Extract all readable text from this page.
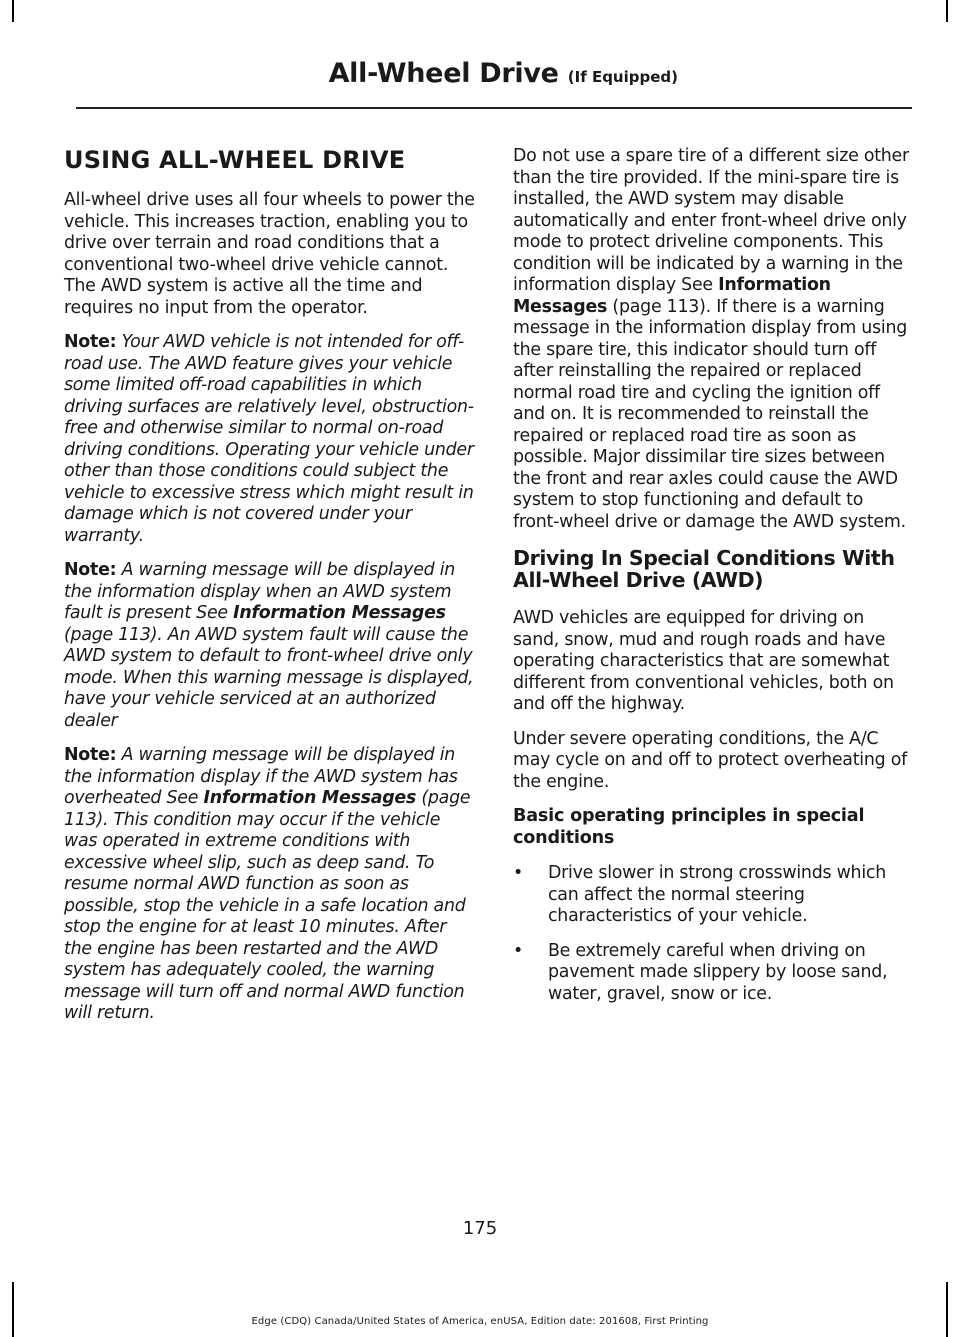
All-Wheel Drive (If Equipped)
USING ALL-WHEEL DRIVE

All-wheel drive uses all four wheels to power the vehicle. This increases traction, enabling you to drive over terrain and road conditions that a conventional two-wheel drive vehicle cannot. The AWD system is active all the time and requires no input from the operator.

Note: Your AWD vehicle is not intended for off-road use. The AWD feature gives your vehicle some limited off-road capabilities in which driving surfaces are relatively level, obstruction-free and otherwise similar to normal on-road driving conditions. Operating your vehicle under other than those conditions could subject the vehicle to excessive stress which might result in damage which is not covered under your warranty.

Note: A warning message will be displayed in the information display when an AWD system fault is present See Information Messages (page 113). An AWD system fault will cause the AWD system to default to front-wheel drive only mode. When this warning message is displayed, have your vehicle serviced at an authorized dealer

Note: A warning message will be displayed in the information display if the AWD system has overheated See Information Messages (page 113). This condition may occur if the vehicle was operated in extreme conditions with excessive wheel slip, such as deep sand. To resume normal AWD function as soon as possible, stop the vehicle in a safe location and stop the engine for at least 10 minutes. After the engine has been restarted and the AWD system has adequately cooled, the warning message will turn off and normal AWD function will return.

Do not use a spare tire of a different size other than the tire provided. If the mini-spare tire is installed, the AWD system may disable automatically and enter front-wheel drive only mode to protect driveline components. This condition will be indicated by a warning in the information display See Information Messages (page 113). If there is a warning message in the information display from using the spare tire, this indicator should turn off after reinstalling the repaired or replaced normal road tire and cycling the ignition off and on. It is recommended to reinstall the repaired or replaced road tire as soon as possible. Major dissimilar tire sizes between the front and rear axles could cause the AWD system to stop functioning and default to front-wheel drive or damage the AWD system.

Driving In Special Conditions With All-Wheel Drive (AWD)

AWD vehicles are equipped for driving on sand, snow, mud and rough roads and have operating characteristics that are somewhat different from conventional vehicles, both on and off the highway.

Under severe operating conditions, the A/C may cycle on and off to protect overheating of the engine.

Basic operating principles in special conditions
•	Drive slower in strong crosswinds which can affect the normal steering characteristics of your vehicle.
•	Be extremely careful when driving on pavement made slippery by loose sand, water, gravel, snow or ice.
175
Edge (CDQ) Canada/United States of America, enUSA, Edition date: 201608, First Printing
